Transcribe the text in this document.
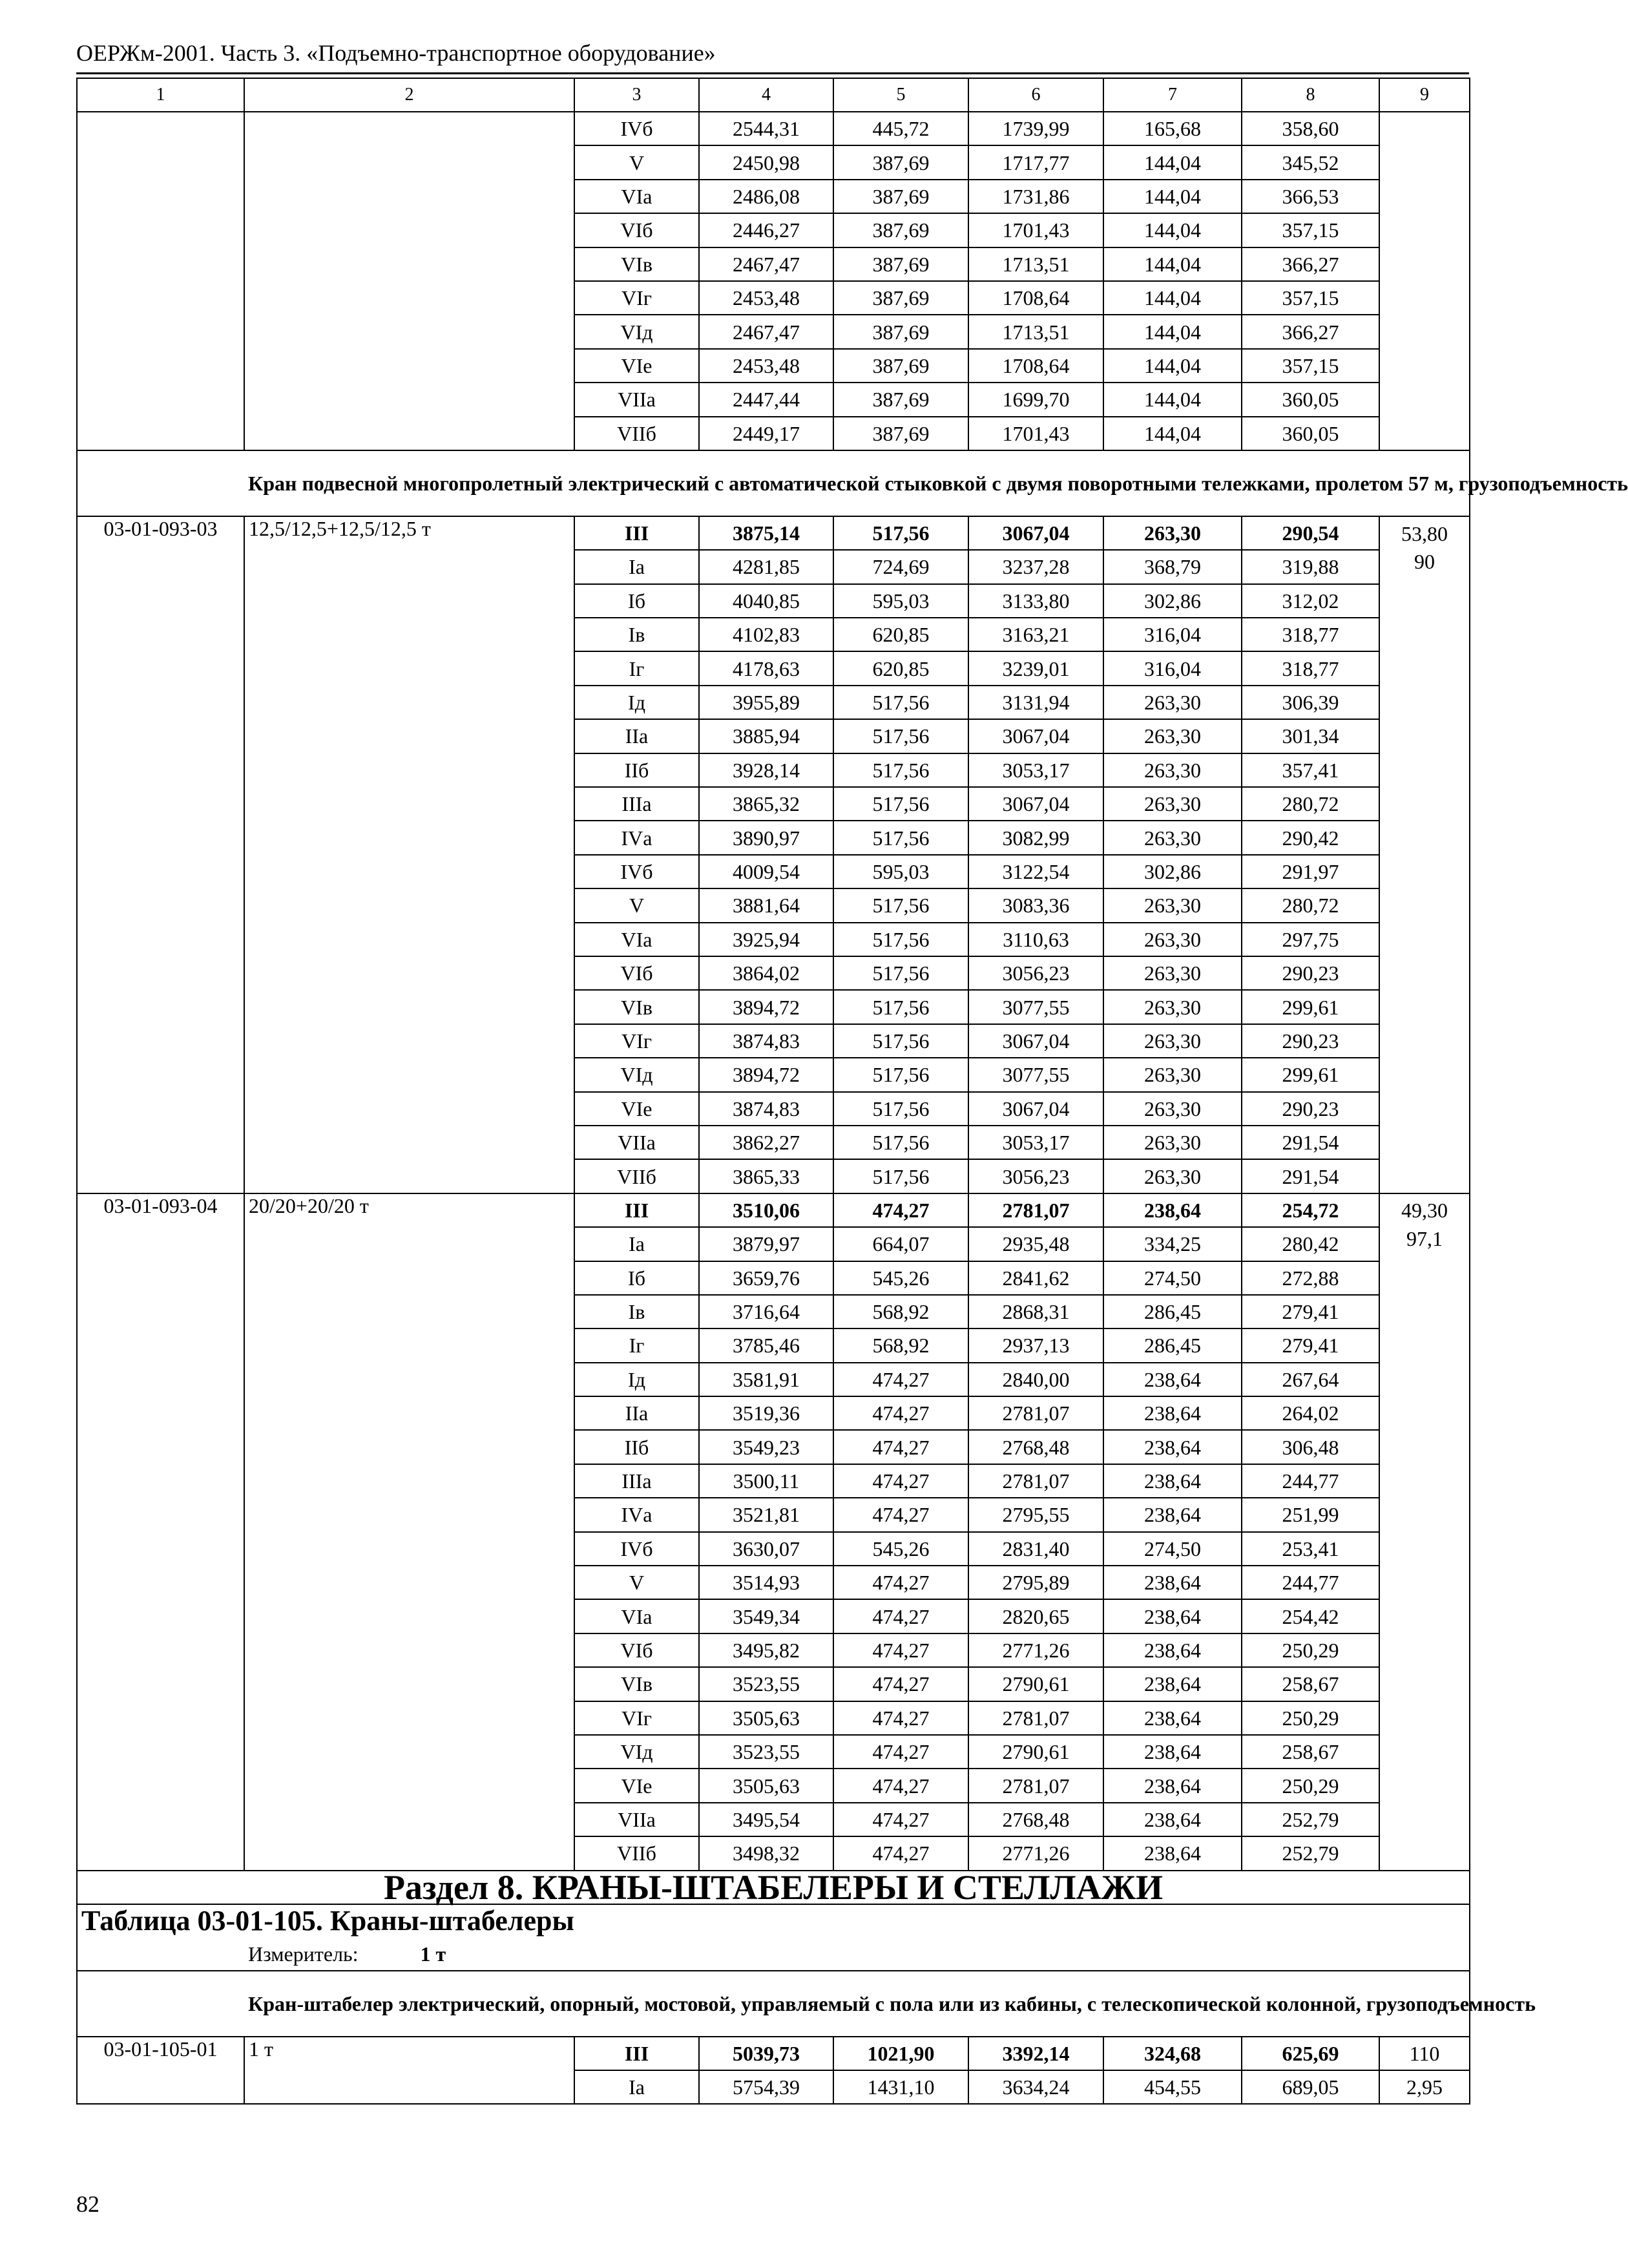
ОЕРЖм-2001. Часть 3. «Подъемно-транспортное оборудование»
1	2	3	4	5	6	7	8	9
		IVб	2544,31	445,72	1739,99	165,68	358,60	
		V	2450,98	387,69	1717,77	144,04	345,52	
		VIа	2486,08	387,69	1731,86	144,04	366,53	
		VIб	2446,27	387,69	1701,43	144,04	357,15	
		VIв	2467,47	387,69	1713,51	144,04	366,27	
		VIг	2453,48	387,69	1708,64	144,04	357,15	
		VIд	2467,47	387,69	1713,51	144,04	366,27	
		VIе	2453,48	387,69	1708,64	144,04	357,15	
		VIIа	2447,44	387,69	1699,70	144,04	360,05	
		VIIб	2449,17	387,69	1701,43	144,04	360,05	
	Кран подвесной многопролетный электрический с автоматической стыковкой с двумя поворотными тележками, пролетом 57 м, грузоподъемность							
03-01-093-03	12,5/12,5+12,5/12,5 т	III	3875,14	517,56	3067,04	263,30	290,54	53,80
		Iа	4281,85	724,69	3237,28	368,79	319,88	90
		Iб	4040,85	595,03	3133,80	302,86	312,02	
		Iв	4102,83	620,85	3163,21	316,04	318,77	
		Iг	4178,63	620,85	3239,01	316,04	318,77	
		Iд	3955,89	517,56	3131,94	263,30	306,39	
		IIа	3885,94	517,56	3067,04	263,30	301,34	
		IIб	3928,14	517,56	3053,17	263,30	357,41	
		IIIа	3865,32	517,56	3067,04	263,30	280,72	
		IVа	3890,97	517,56	3082,99	263,30	290,42	
		IVб	4009,54	595,03	3122,54	302,86	291,97	
		V	3881,64	517,56	3083,36	263,30	280,72	
		VIа	3925,94	517,56	3110,63	263,30	297,75	
		VIб	3864,02	517,56	3056,23	263,30	290,23	
		VIв	3894,72	517,56	3077,55	263,30	299,61	
		VIг	3874,83	517,56	3067,04	263,30	290,23	
		VIд	3894,72	517,56	3077,55	263,30	299,61	
		VIе	3874,83	517,56	3067,04	263,30	290,23	
		VIIа	3862,27	517,56	3053,17	263,30	291,54	
		VIIб	3865,33	517,56	3056,23	263,30	291,54	
03-01-093-04	20/20+20/20 т	III	3510,06	474,27	2781,07	238,64	254,72	49,30
		Iа	3879,97	664,07	2935,48	334,25	280,42	97,1
		Iб	3659,76	545,26	2841,62	274,50	272,88	
		Iв	3716,64	568,92	2868,31	286,45	279,41	
		Iг	3785,46	568,92	2937,13	286,45	279,41	
		Iд	3581,91	474,27	2840,00	238,64	267,64	
		IIа	3519,36	474,27	2781,07	238,64	264,02	
		IIб	3549,23	474,27	2768,48	238,64	306,48	
		IIIа	3500,11	474,27	2781,07	238,64	244,77	
		IVа	3521,81	474,27	2795,55	238,64	251,99	
		IVб	3630,07	545,26	2831,40	274,50	253,41	
		V	3514,93	474,27	2795,89	238,64	244,77	
		VIа	3549,34	474,27	2820,65	238,64	254,42	
		VIб	3495,82	474,27	2771,26	238,64	250,29	
		VIв	3523,55	474,27	2790,61	238,64	258,67	
		VIг	3505,63	474,27	2781,07	238,64	250,29	
		VIд	3523,55	474,27	2790,61	238,64	258,67	
		VIе	3505,63	474,27	2781,07	238,64	250,29	
		VIIа	3495,54	474,27	2768,48	238,64	252,79	
		VIIб	3498,32	474,27	2771,26	238,64	252,79	
Раздел 8. КРАНЫ-ШТАБЕЛЕРЫ И СТЕЛЛАЖИ								
Таблица 03-01-105. Краны-штабелеры								
	Измеритель: 1 т							
	Кран-штабелер электрический, опорный, мостовой, управляемый с пола или из кабины, с телескопической колонной, грузоподъемность							
03-01-105-01	1 т	III	5039,73	1021,90	3392,14	324,68	625,69	110
		Iа	5754,39	1431,10	3634,24	454,55	689,05	2,95
82
